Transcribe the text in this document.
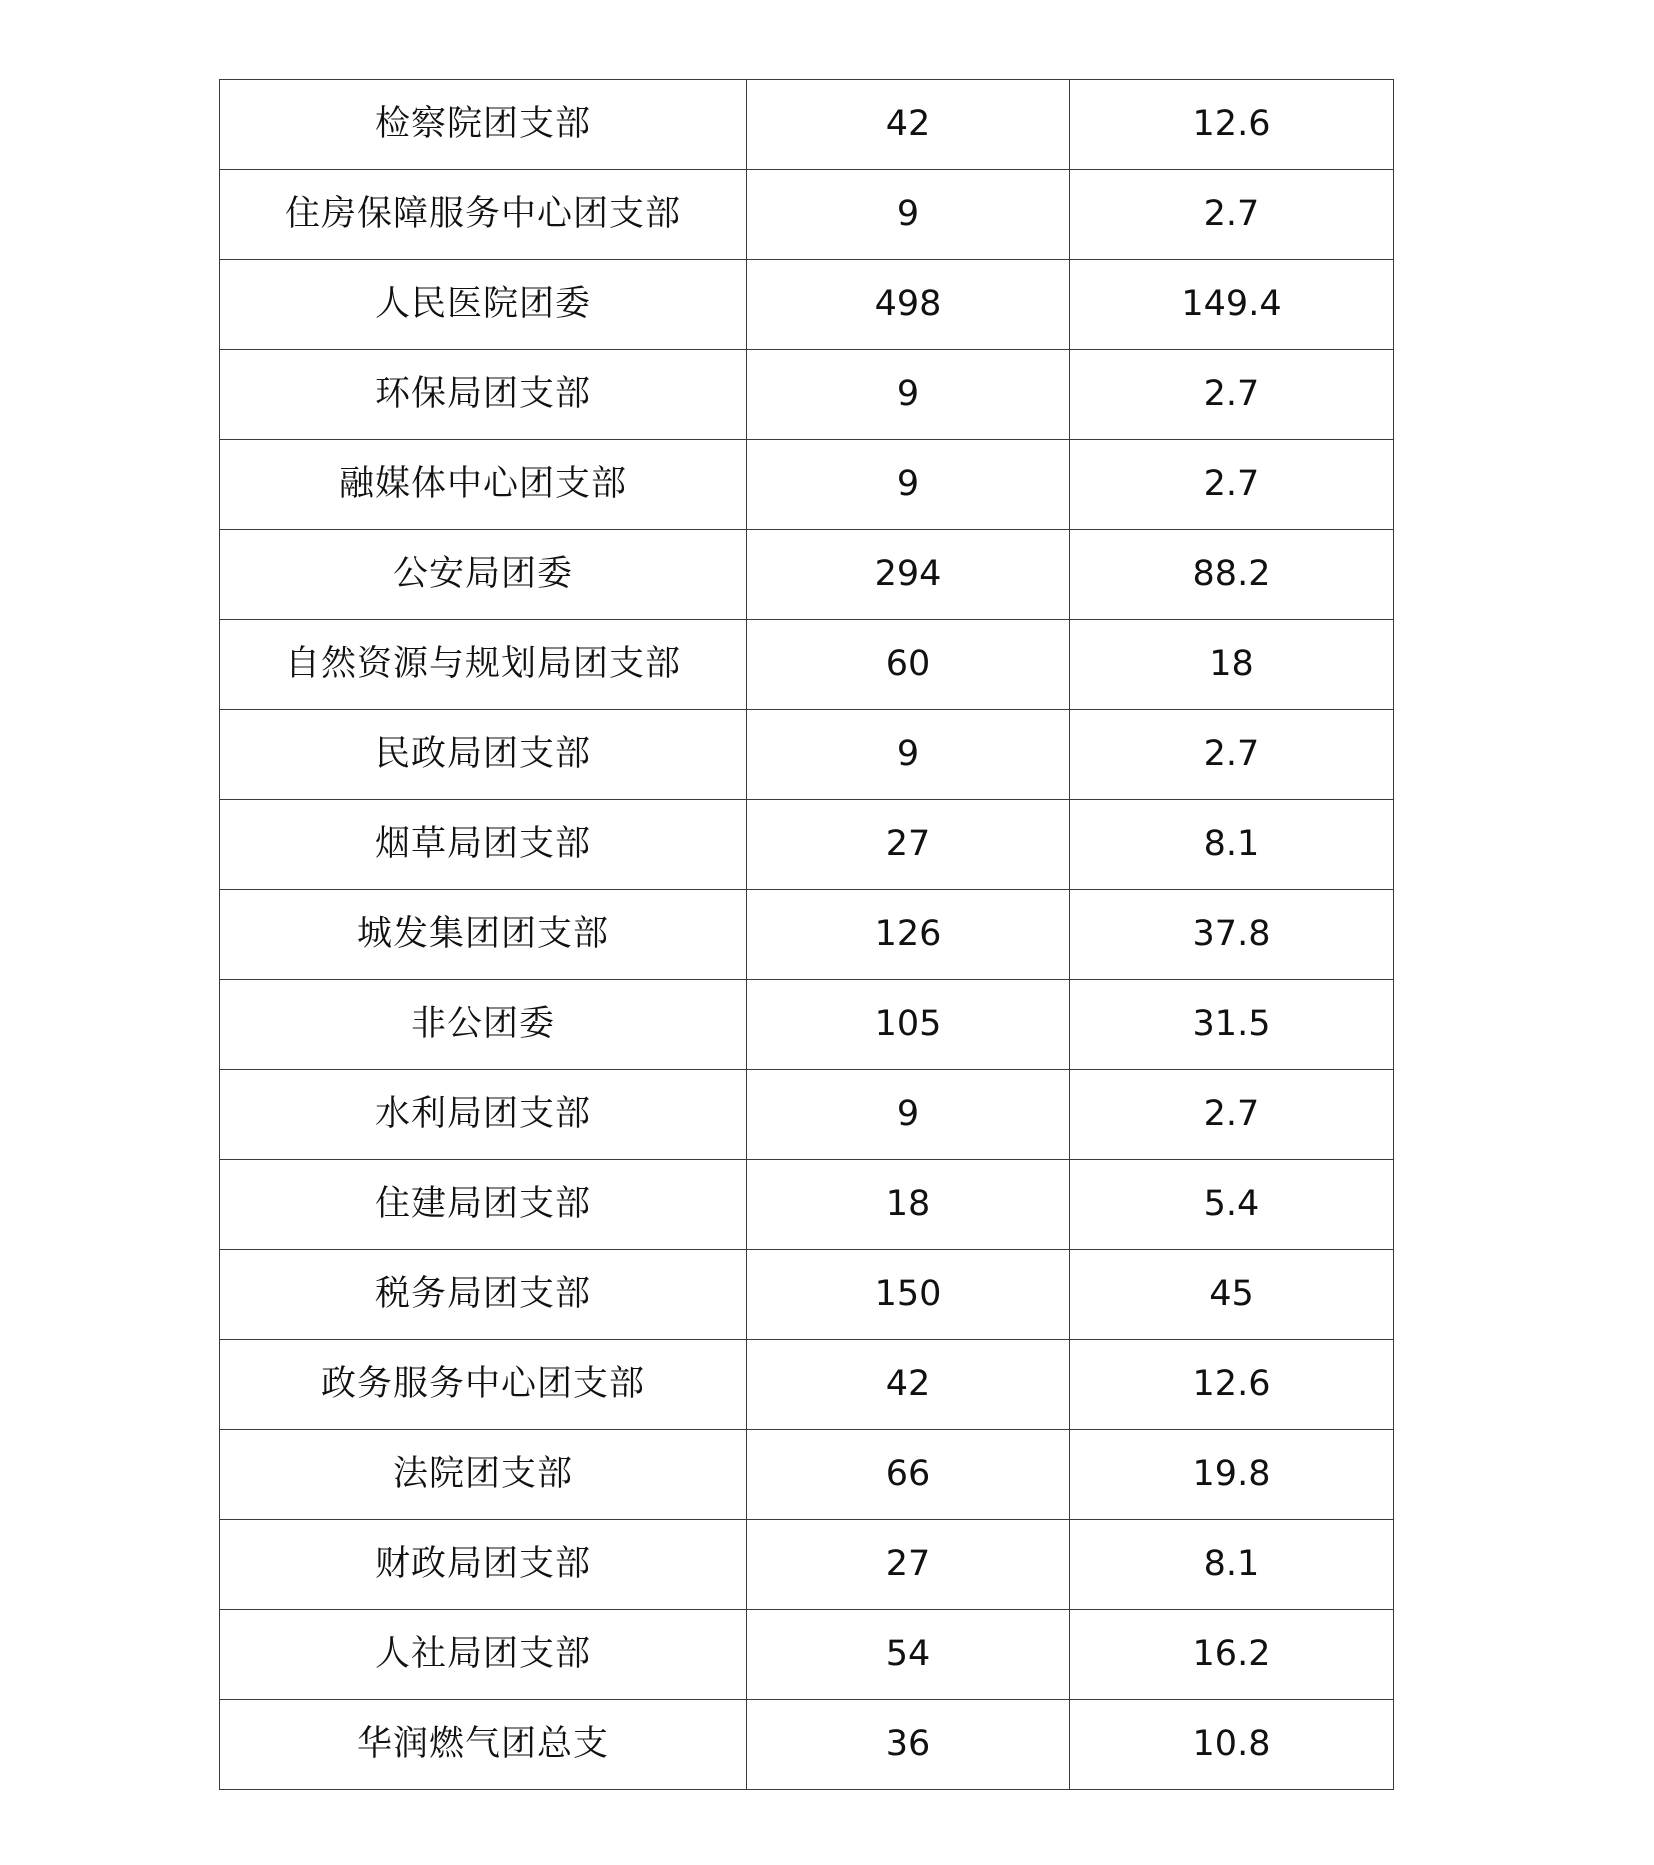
检察院团支部	42	12.6
住房保障服务中心团支部	9	2.7
人民医院团委	498	149.4
环保局团支部	9	2.7
融媒体中心团支部	9	2.7
公安局团委	294	88.2
自然资源与规划局团支部	60	18
民政局团支部	9	2.7
烟草局团支部	27	8.1
城发集团团支部	126	37.8
非公团委	105	31.5
水利局团支部	9	2.7
住建局团支部	18	5.4
税务局团支部	150	45
政务服务中心团支部	42	12.6
法院团支部	66	19.8
财政局团支部	27	8.1
人社局团支部	54	16.2
华润燃气团总支	36	10.8
